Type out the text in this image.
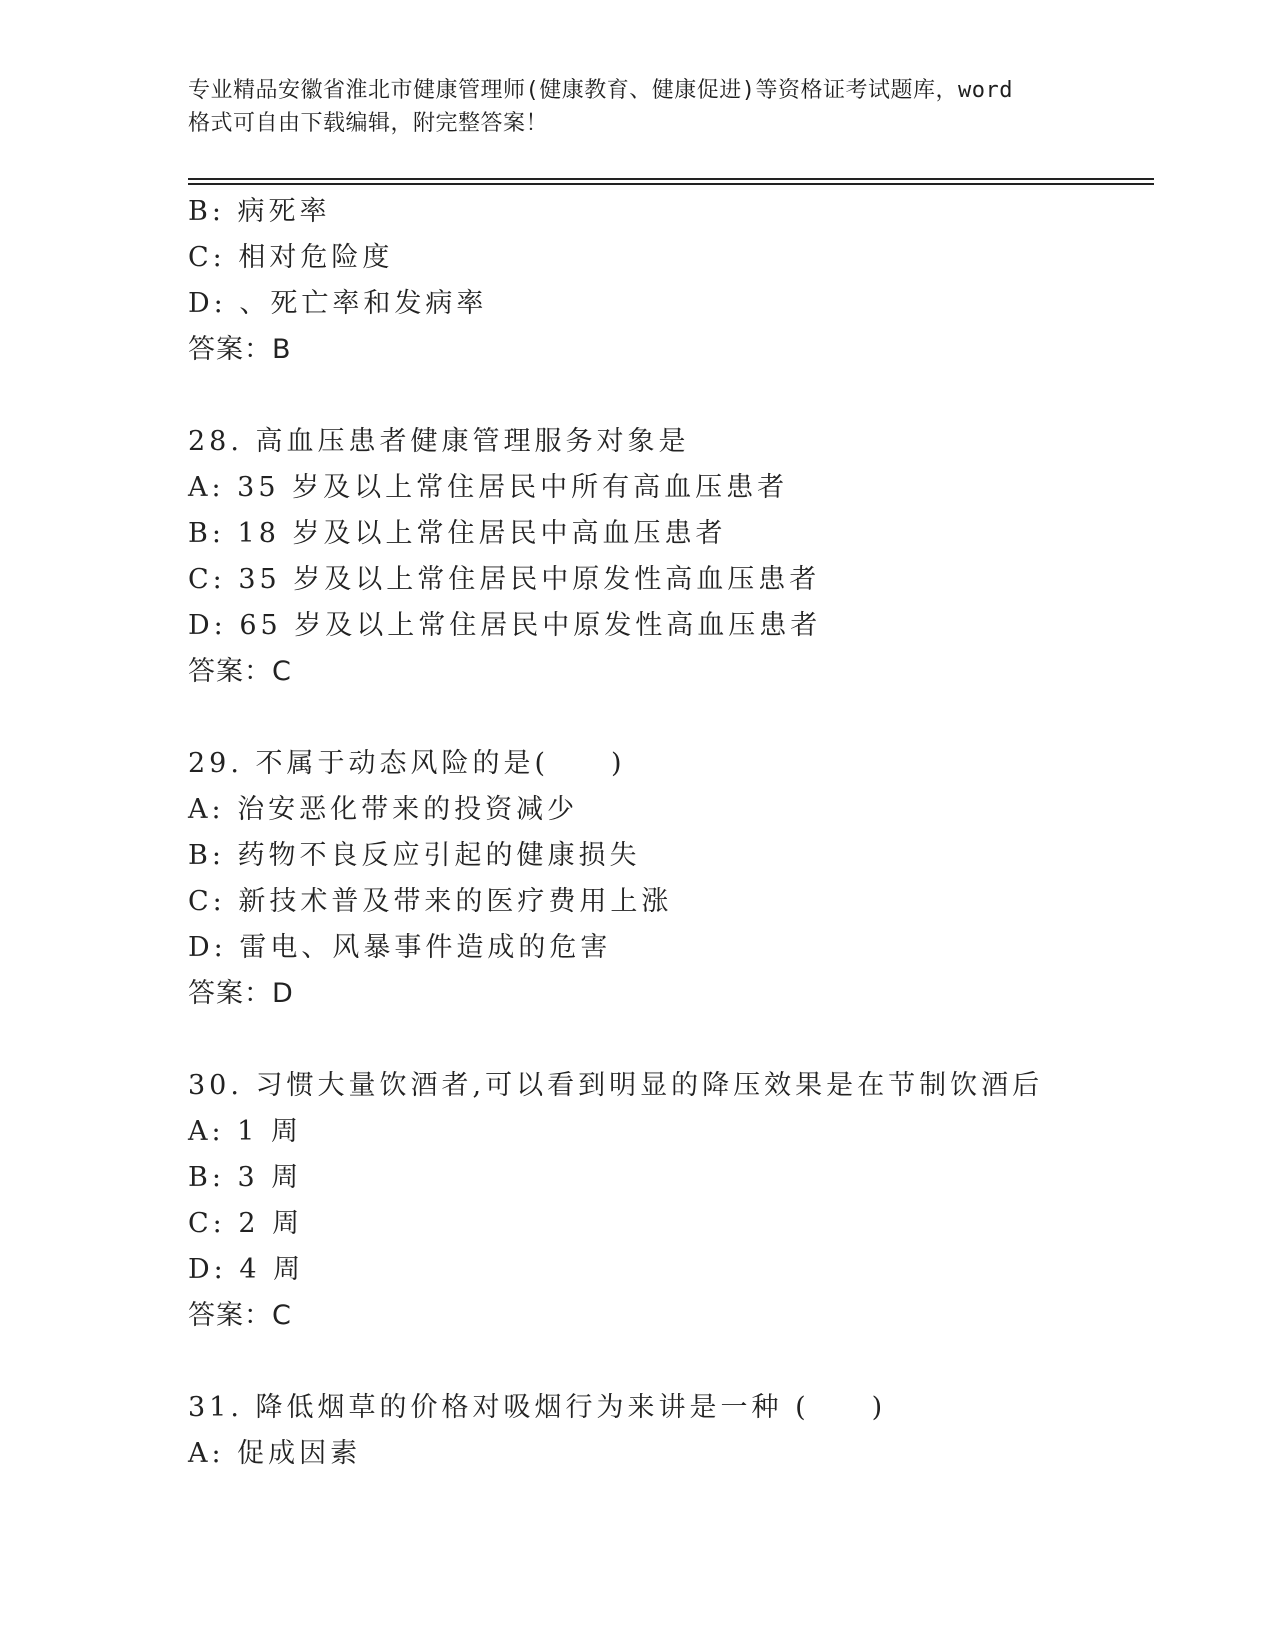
专业精品安徽省淮北市健康管理师(健康教育、健康促进)等资格证考试题库，word
格式可自由下载编辑，附完整答案！
B: 病死率
C: 相对危险度
D: 、死亡率和发病率
答案：B
28. 高血压患者健康管理服务对象是
A: 35 岁及以上常住居民中所有高血压患者
B: 18 岁及以上常住居民中高血压患者
C: 35 岁及以上常住居民中原发性高血压患者
D: 65 岁及以上常住居民中原发性高血压患者
答案：C
29. 不属于动态风险的是(　　)
A: 治安恶化带来的投资减少
B: 药物不良反应引起的健康损失
C: 新技术普及带来的医疗费用上涨
D: 雷电、风暴事件造成的危害
答案：D
30. 习惯大量饮酒者,可以看到明显的降压效果是在节制饮酒后
A: 1 周
B: 3 周
C: 2 周
D: 4 周
答案：C
31. 降低烟草的价格对吸烟行为来讲是一种 (　　)
A: 促成因素
